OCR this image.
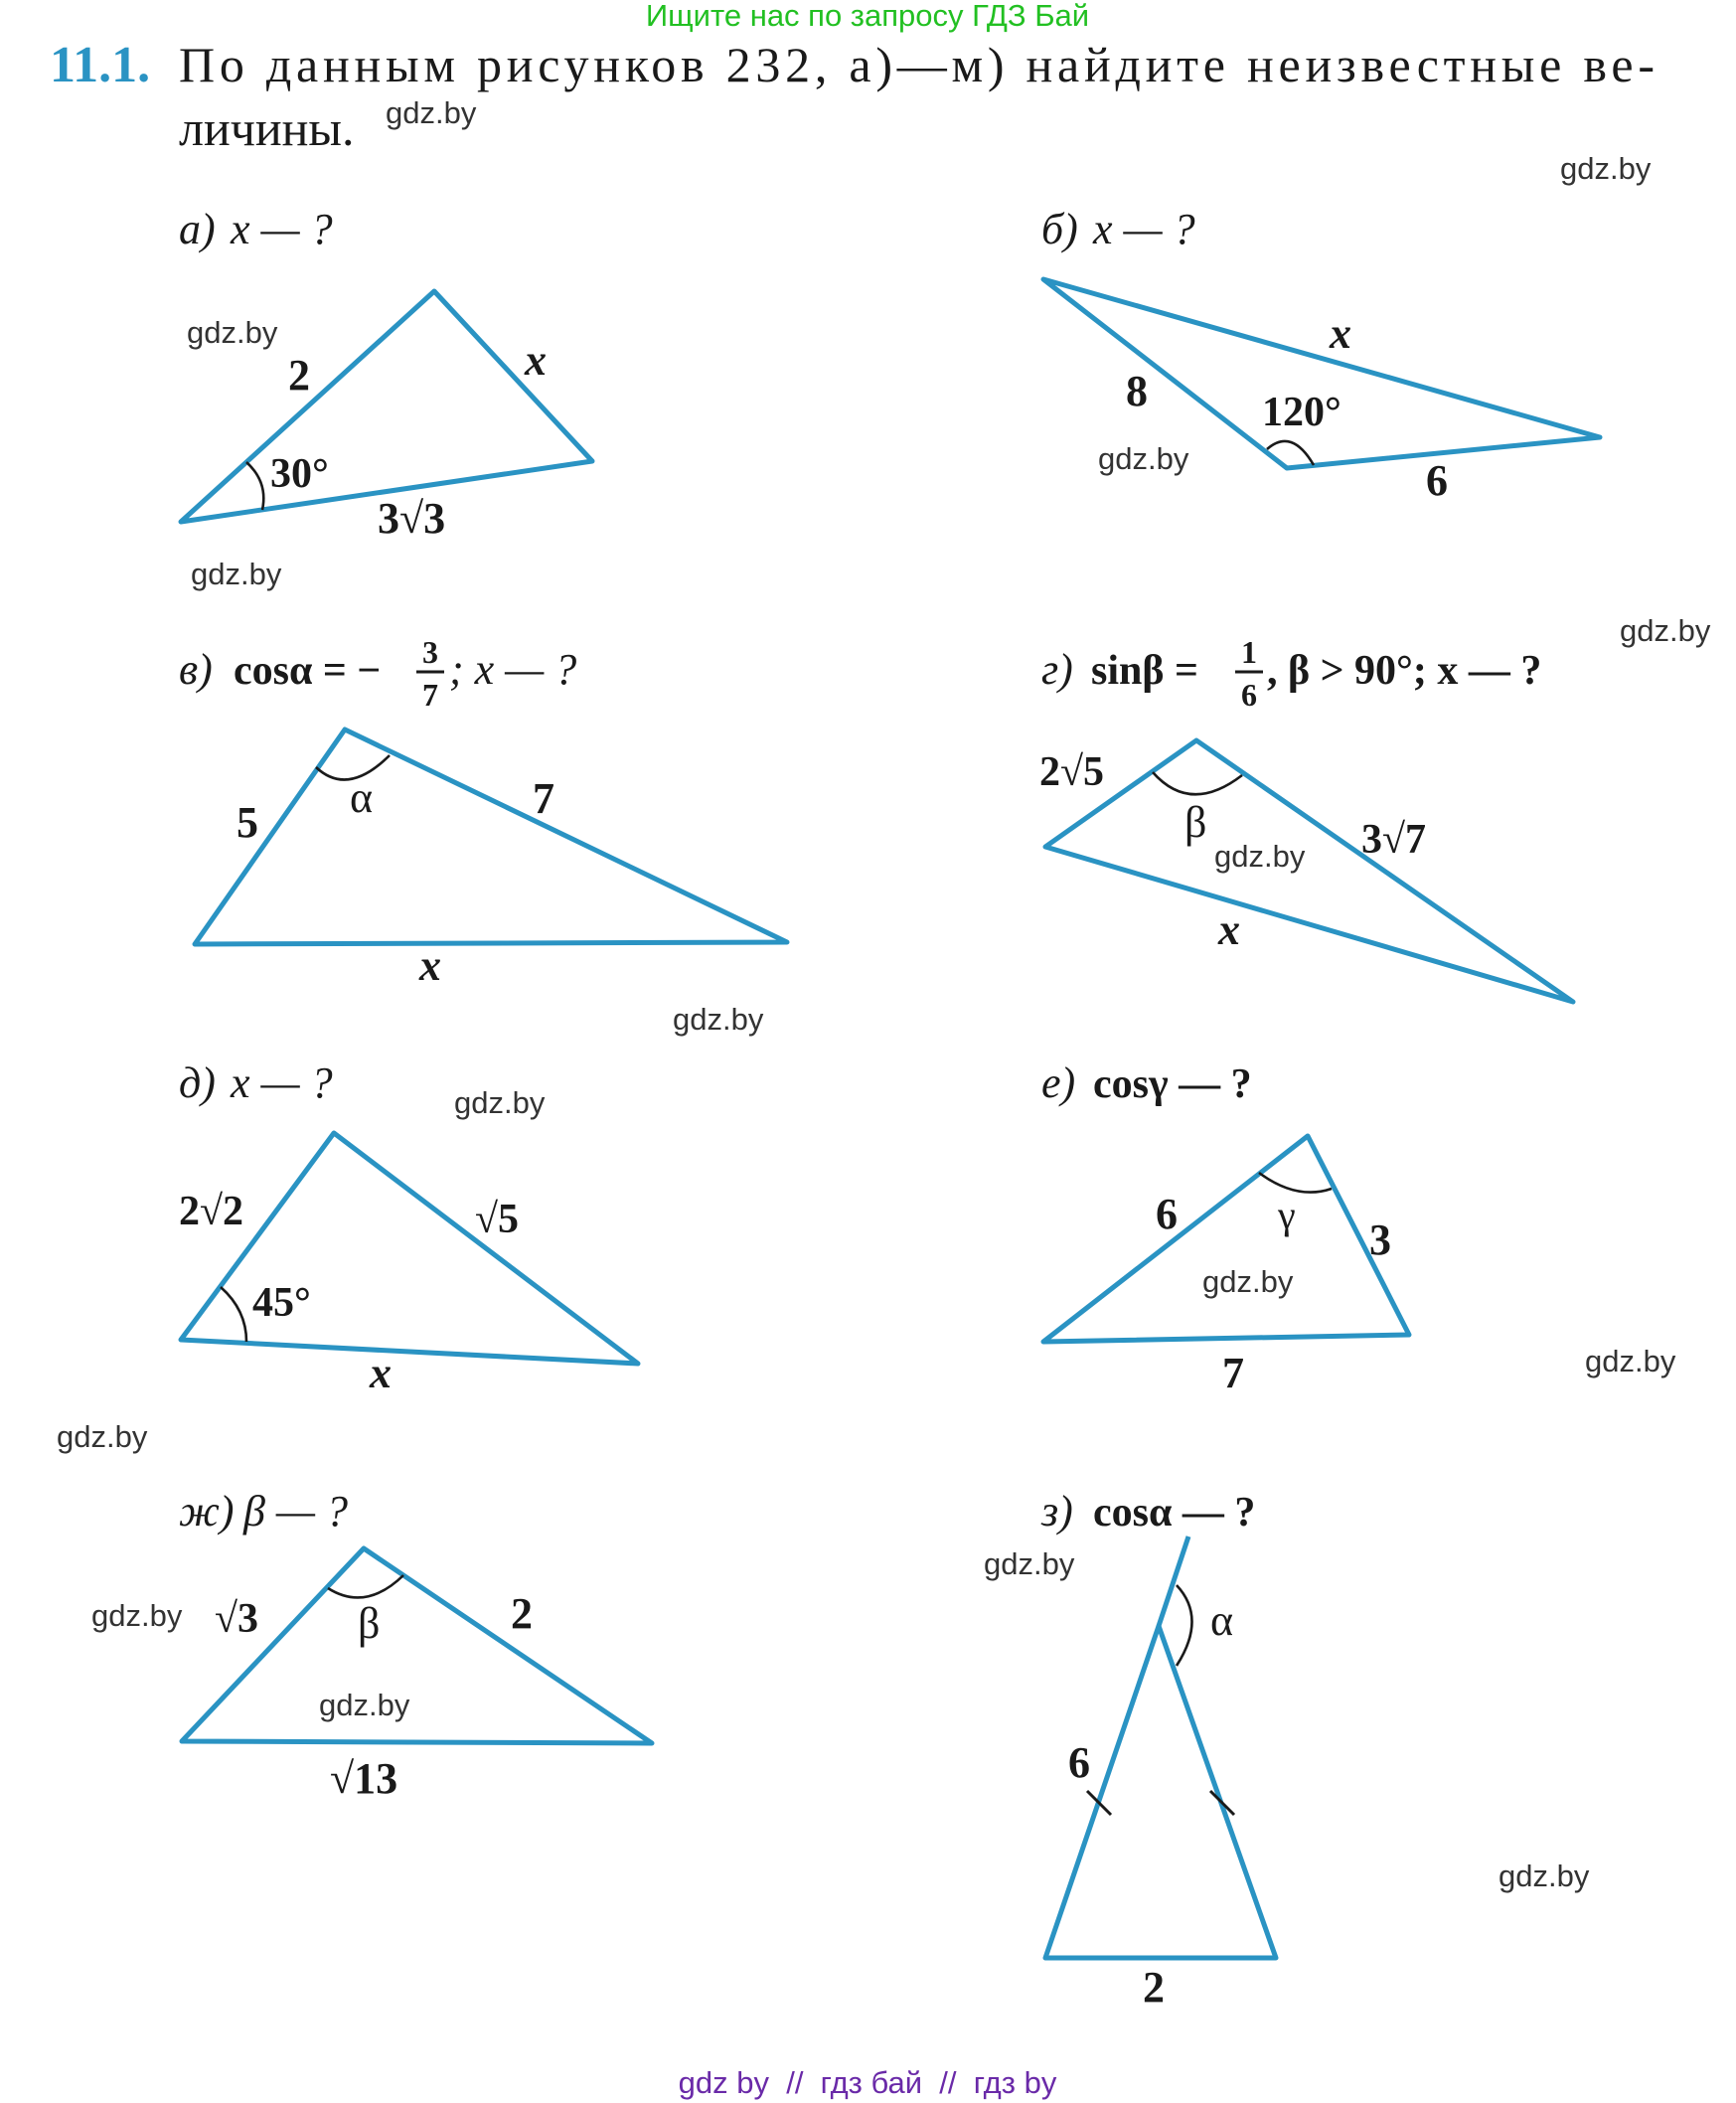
Ищите нас по запросу ГДЗ Бай
11.1. По данным рисунков 232, а)—м) найдите неизвестные ве-
личины. gdz.by
gdz.by
gdz.by
gdz.by
gdz.by
gdz.by
gdz.by
gdz.by
gdz.by
gdz.by
gdz.by
gdz.by
gdz.by
gdz.by
gdz.by
gdz.by
а) x — ?
2	x
30°
3√3
б) x — ?
8
x
120°
6
в) cosα = − 3
7
; x — ?
5
α	7
x
г) sinβ = 1
6
, β > 90°; x — ?
2√5
β	3√7
x
д) x — ?
2√2	√5
45°
x
е) cosγ — ?
6	γ
3
7
ж) β — ?
√3 β	2
√13
з) cosα — ?
α
6
2
gdz by  //  гдз бай  //  гдз by
